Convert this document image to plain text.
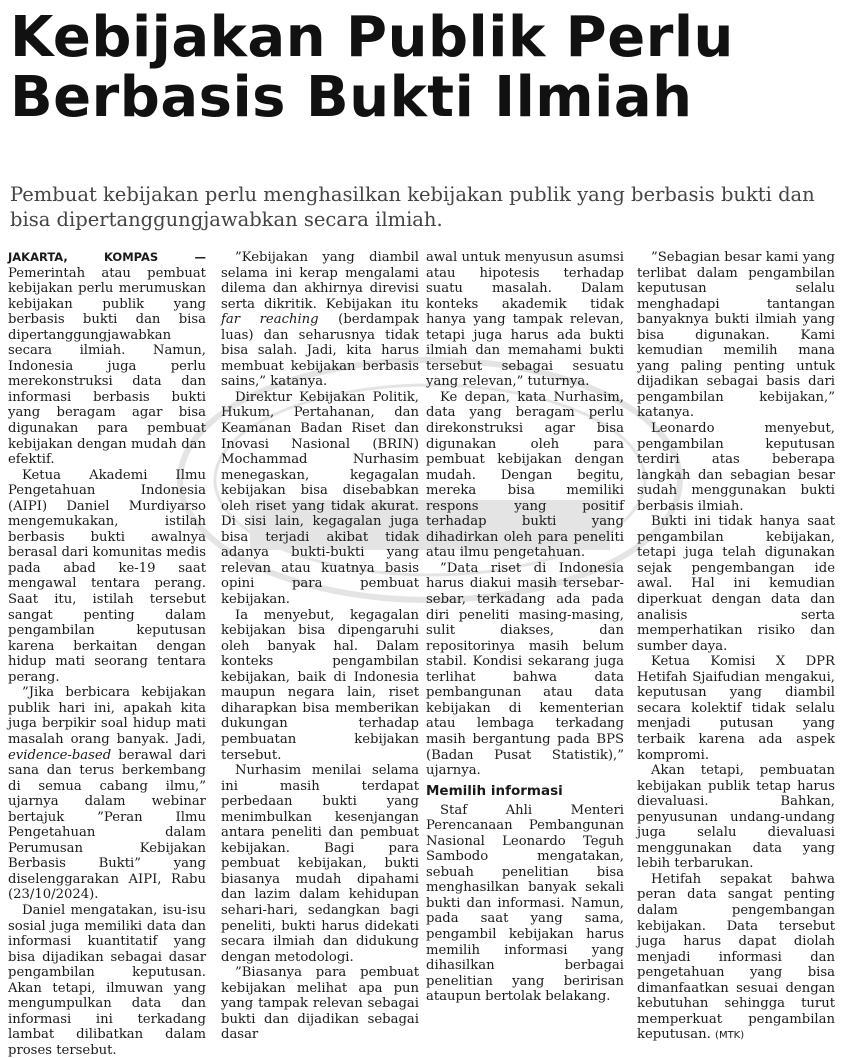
Kebijakan Publik Perlu Berbasis Bukti Ilmiah

Pembuat kebijakan perlu menghasilkan kebijakan publik yang berbasis bukti dan bisa dipertanggungjawabkan secara ilmiah.

JAKARTA, KOMPAS — Pemerintah atau pembuat kebijakan perlu merumuskan kebijakan publik yang berbasis bukti dan bisa dipertanggungjawabkan secara ilmiah. Namun, Indonesia juga perlu merekonstruksi data dan informasi berbasis bukti yang beragam agar bisa digunakan para pembuat kebijakan dengan mudah dan efektif.

Ketua Akademi Ilmu Pengetahuan Indonesia (AIPI) Daniel Murdiyarso mengemukakan, istilah berbasis bukti awalnya berasal dari komunitas medis pada abad ke-19 saat mengawal tentara perang. Saat itu, istilah tersebut sangat penting dalam pengambilan keputusan karena berkaitan dengan hidup mati seorang tentara perang.

”Jika berbicara kebijakan publik hari ini, apakah kita juga berpikir soal hidup mati masalah orang banyak. Jadi, evidence-based berawal dari sana dan terus berkembang di semua cabang ilmu,” ujarnya dalam webinar bertajuk ”Peran Ilmu Pengetahuan dalam Perumusan Kebijakan Berbasis Bukti” yang diselenggarakan AIPI, Rabu (23/10/2024).

Daniel mengatakan, isu-isu sosial juga memiliki data dan informasi kuantitatif yang bisa dijadikan sebagai dasar pengambilan keputusan. Akan tetapi, ilmuwan yang mengumpulkan data dan informasi ini terkadang lambat dilibatkan dalam proses tersebut.

”Kebijakan yang diambil selama ini kerap mengalami dilema dan akhirnya direvisi serta dikritik. Kebijakan itu far reaching (berdampak luas) dan seharusnya tidak bisa salah. Jadi, kita harus membuat kebijakan berbasis sains,” katanya.

Direktur Kebijakan Politik, Hukum, Pertahanan, dan Keamanan Badan Riset dan Inovasi Nasional (BRIN) Mochammad Nurhasim menegaskan, kegagalan kebijakan bisa disebabkan oleh riset yang tidak akurat. Di sisi lain, kegagalan juga bisa terjadi akibat tidak adanya bukti-bukti yang relevan atau kuatnya basis opini para pembuat kebijakan.

Ia menyebut, kegagalan kebijakan bisa dipengaruhi oleh banyak hal. Dalam konteks pengambilan kebijakan, baik di Indonesia maupun negara lain, riset diharapkan bisa memberikan dukungan terhadap pembuatan kebijakan tersebut.

Nurhasim menilai selama ini masih terdapat perbedaan bukti yang menimbulkan kesenjangan antara peneliti dan pembuat kebijakan. Bagi para pembuat kebijakan, bukti biasanya mudah dipahami dan lazim dalam kehidupan sehari-hari, sedangkan bagi peneliti, bukti harus didekati secara ilmiah dan didukung dengan metodologi.

”Biasanya para pembuat kebijakan melihat apa pun yang tampak relevan sebagai bukti dan dijadikan sebagai dasar

awal untuk menyusun asumsi atau hipotesis terhadap suatu masalah. Dalam konteks akademik tidak hanya yang tampak relevan, tetapi juga harus ada bukti ilmiah dan memahami bukti tersebut sebagai sesuatu yang relevan,” tuturnya.

Ke depan, kata Nurhasim, data yang beragam perlu direkonstruksi agar bisa digunakan oleh para pembuat kebijakan dengan mudah. Dengan begitu, mereka bisa memiliki respons yang positif terhadap bukti yang dihadirkan oleh para peneliti atau ilmu pengetahuan.

”Data riset di Indonesia harus diakui masih tersebar-sebar, terkadang ada pada diri peneliti masing-masing, sulit diakses, dan repositorinya masih belum stabil. Kondisi sekarang juga terlihat bahwa data pembangunan atau data kebijakan di kementerian atau lembaga terkadang masih bergantung pada BPS (Badan Pusat Statistik),” ujarnya.

Memilih informasi

Staf Ahli Menteri Perencanaan Pembangunan Nasional Leonardo Teguh Sambodo mengatakan, sebuah penelitian bisa menghasilkan banyak sekali bukti dan informasi. Namun, pada saat yang sama, pengambil kebijakan harus memilih informasi yang dihasilkan berbagai penelitian yang beririsan ataupun bertolak belakang.

”Sebagian besar kami yang terlibat dalam pengambilan keputusan selalu menghadapi tantangan banyaknya bukti ilmiah yang bisa digunakan. Kami kemudian memilih mana yang paling penting untuk dijadikan sebagai basis dari pengambilan kebijakan,” katanya.

Leonardo menyebut, pengambilan keputusan terdiri atas beberapa langkah dan sebagian besar sudah menggunakan bukti berbasis ilmiah.

Bukti ini tidak hanya saat pengambilan kebijakan, tetapi juga telah digunakan sejak pengembangan ide awal. Hal ini kemudian diperkuat dengan data dan analisis serta memperhatikan risiko dan sumber daya.

Ketua Komisi X DPR Hetifah Sjaifudian mengakui, keputusan yang diambil secara kolektif tidak selalu menjadi putusan yang terbaik karena ada aspek kompromi.

Akan tetapi, pembuatan kebijakan publik tetap harus dievaluasi. Bahkan, penyusunan undang-undang juga selalu dievaluasi menggunakan data yang lebih terbarukan.

Hetifah sepakat bahwa peran data sangat penting dalam pengembangan kebijakan. Data tersebut juga harus dapat diolah menjadi informasi dan pengetahuan yang bisa dimanfaatkan sesuai dengan kebutuhan sehingga turut memperkuat pengambilan keputusan. (MTK)
